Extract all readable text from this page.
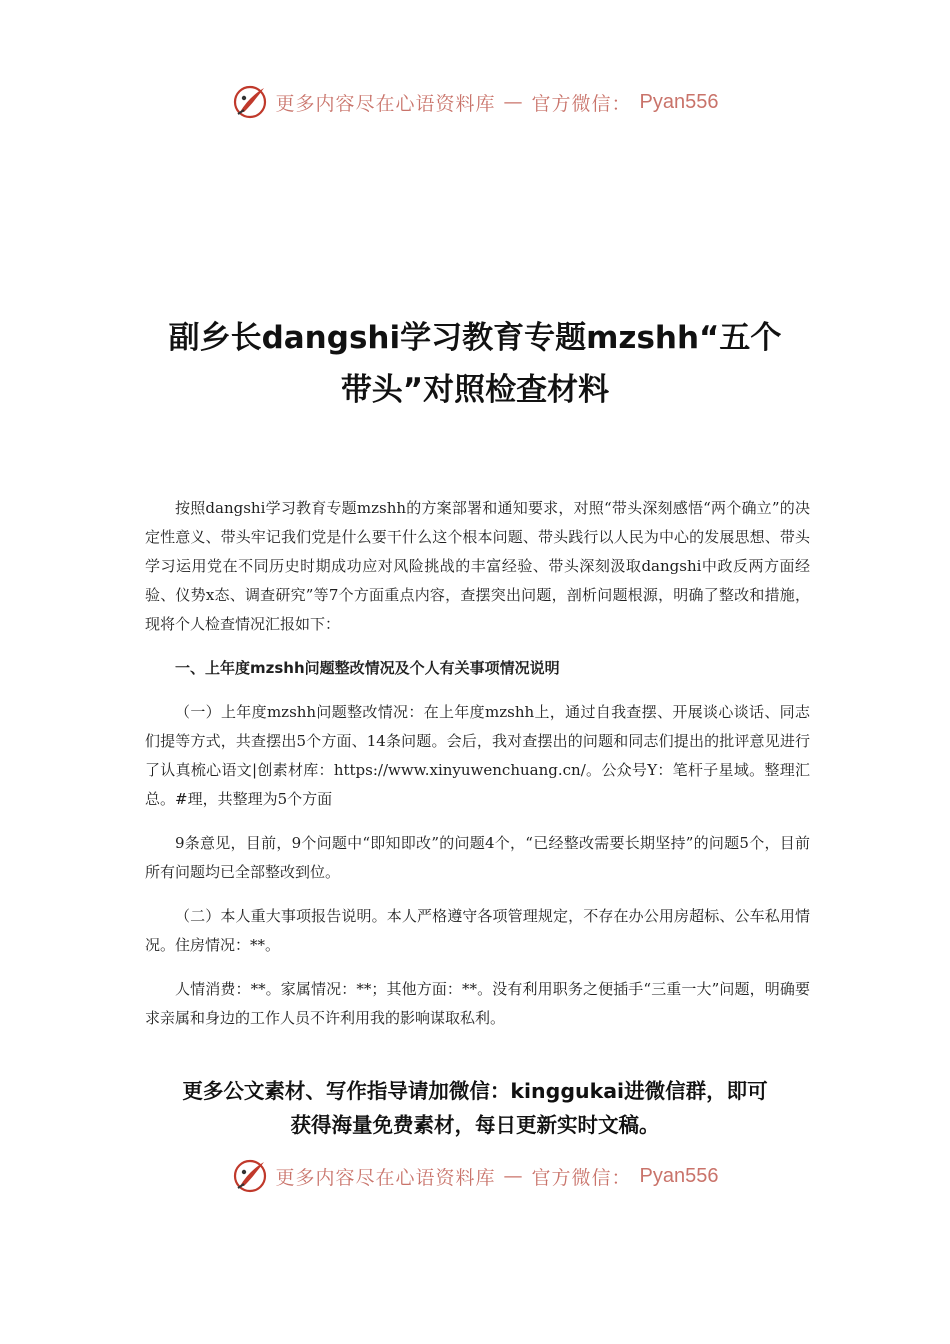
更多内容尽在心语资料库 — 官方微信： Pyan556
副乡长dangshi学习教育专题mzshh“五个
带头”对照检查材料

按照dangshi学习教育专题mzshh的方案部署和通知要求，对照“带头深刻感悟“两个确立”的决定性意义、带头牢记我们党是什么要干什么这个根本问题、带头践行以人民为中心的发展思想、带头学习运用党在不同历史时期成功应对风险挑战的丰富经验、带头深刻汲取dangshi中政反两方面经验、仪势x态、调查研究”等7个方面重点内容，查摆突出问题，剖析问题根源，明确了整改和措施，现将个人检查情况汇报如下：

一、上年度mzshh问题整改情况及个人有关事项情况说明

（一）上年度mzshh问题整改情况：在上年度mzshh上，通过自我查摆、开展谈心谈话、同志们提等方式，共查摆出5个方面、14条问题。会后，我对查摆出的问题和同志们提出的批评意见进行了认真梳心语文|创素材库：https://www.xinyuwenchuang.cn/。公众号Y：笔杆子星域。整理汇总。#理，共整理为5个方面

9条意见，目前，9个问题中“即知即改”的问题4个，“已经整改需要长期坚持”的问题5个，目前所有问题均已全部整改到位。

（二）本人重大事项报告说明。本人严格遵守各项管理规定，不存在办公用房超标、公车私用情况。住房情况：**。

人情消费：**。家属情况：**；其他方面：**。没有利用职务之便插手“三重一大”问题，明确要求亲属和身边的工作人员不许利用我的影响谋取私利。

更多公文素材、写作指导请加微信：kinggukai进微信群，即可
获得海量免费素材，每日更新实时文稿。
更多内容尽在心语资料库 — 官方微信： Pyan556
